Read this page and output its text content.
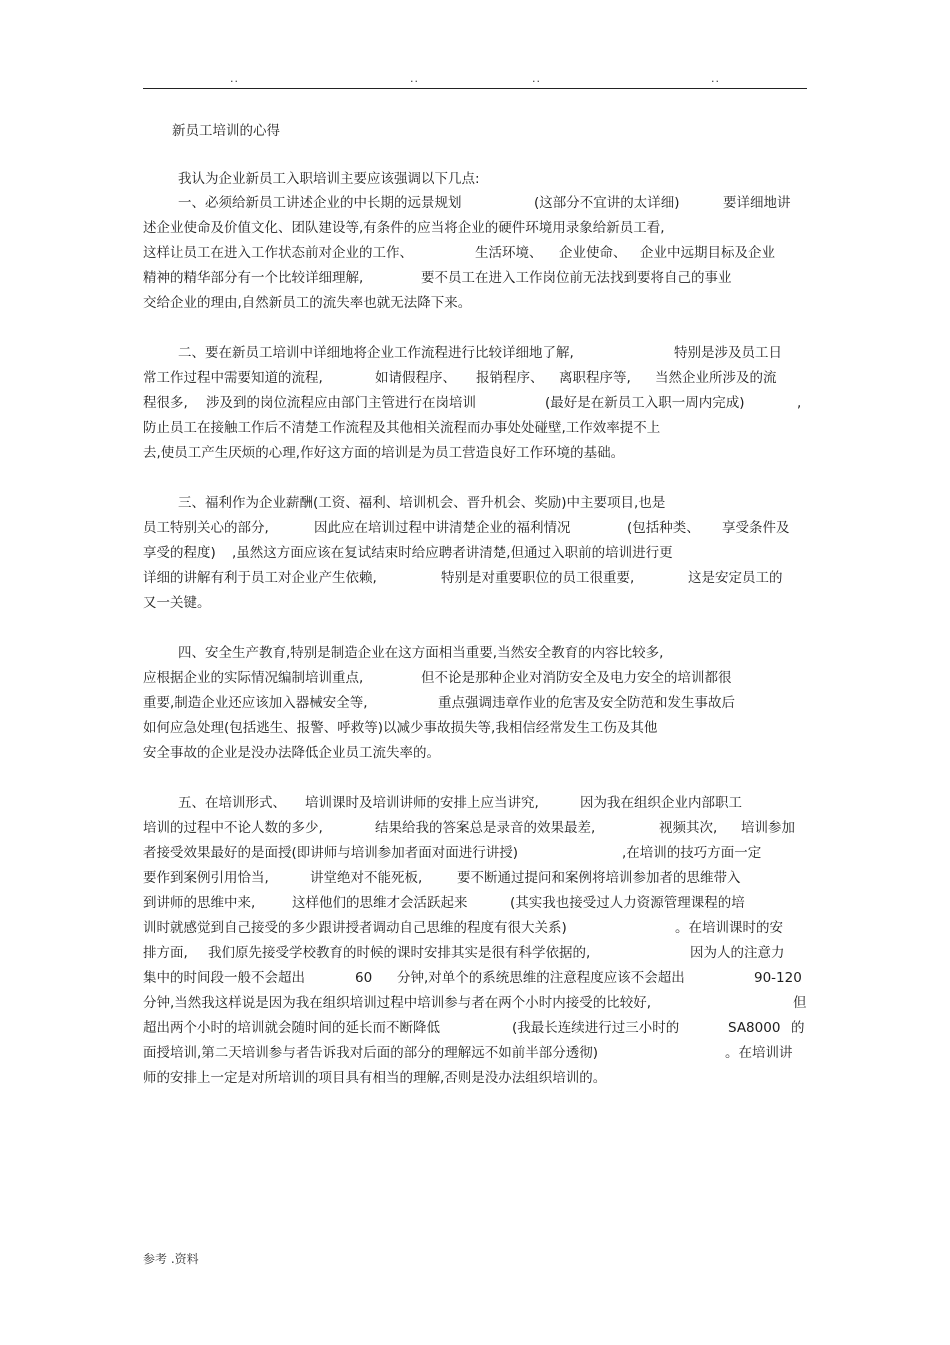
..	..	..	..
新员工培训的心得
我认为企业新员工入职培训主要应该强调以下几点:
一、必须给新员工讲述企业的中长期的远景规划	(这部分不宜讲的太详细)	要详细地讲
述企业使命及价值文化、团队建设等,有条件的应当将企业的硬件环境用录象给新员工看,
这样让员工在进入工作状态前对企业的工作、	生活环境、 企业使命、 企业中远期目标及企业
精神的精华部分有一个比较详细理解,	要不员工在进入工作岗位前无法找到要将自己的事业
交给企业的理由,自然新员工的流失率也就无法降下来。
二、要在新员工培训中详细地将企业工作流程进行比较详细地了解,	特别是涉及员工日
常工作过程中需要知道的流程,	如请假程序、 报销程序、 离职程序等, 当然企业所涉及的流
程很多, 涉及到的岗位流程应由部门主管进行在岗培训	(最好是在新员工入职一周内完成)	,
防止员工在接触工作后不清楚工作流程及其他相关流程而办事处处碰壁,工作效率提不上
去,使员工产生厌烦的心理,作好这方面的培训是为员工营造良好工作环境的基础。
三、福利作为企业薪酬(工资、福利、培训机会、晋升机会、奖励)中主要项目,也是
员工特别关心的部分,	因此应在培训过程中讲清楚企业的福利情况	(包括种类、 享受条件及
享受的程度) ,虽然这方面应该在复试结束时给应聘者讲清楚,但通过入职前的培训进行更
详细的讲解有利于员工对企业产生依赖,	特别是对重要职位的员工很重要,	这是安定员工的
又一关键。
四、安全生产教育,特别是制造企业在这方面相当重要,当然安全教育的内容比较多,
应根据企业的实际情况编制培训重点,	但不论是那种企业对消防安全及电力安全的培训都很
重要,制造企业还应该加入器械安全等,	重点强调违章作业的危害及安全防范和发生事故后
如何应急处理(包括逃生、报警、呼救等)以减少事故损失等,我相信经常发生工伤及其他
安全事故的企业是没办法降低企业员工流失率的。
五、在培训形式、 培训课时及培训讲师的安排上应当讲究,	因为我在组织企业内部职工
培训的过程中不论人数的多少,	结果给我的答案总是录音的效果最差,	视频其次, 培训参加
者接受效果最好的是面授(即讲师与培训参加者面对面进行讲授)	,在培训的技巧方面一定
要作到案例引用恰当,	讲堂绝对不能死板,	要不断通过提问和案例将培训参加者的思维带入
到讲师的思维中来,	这样他们的思维才会活跃起来	(其实我也接受过人力资源管理课程的培
训时就感觉到自己接受的多少跟讲授者调动自己思维的程度有很大关系)	。在培训课时的安
排方面, 我们原先接受学校教育的时候的课时安排其实是很有科学依据的,	因为人的注意力
集中的时间段一般不会超出	60 分钟,对单个的系统思维的注意程度应该不会超出	90-120
分钟,当然我这样说是因为我在组织培训过程中培训参与者在两个小时内接受的比较好,	但
超出两个小时的培训就会随时间的延长而不断降低	(我最长连续进行过三小时的	SA8000 的
面授培训,第二天培训参与者告诉我对后面的部分的理解远不如前半部分透彻)	。在培训讲
师的安排上一定是对所培训的项目具有相当的理解,否则是没办法组织培训的。
参考 .资料
